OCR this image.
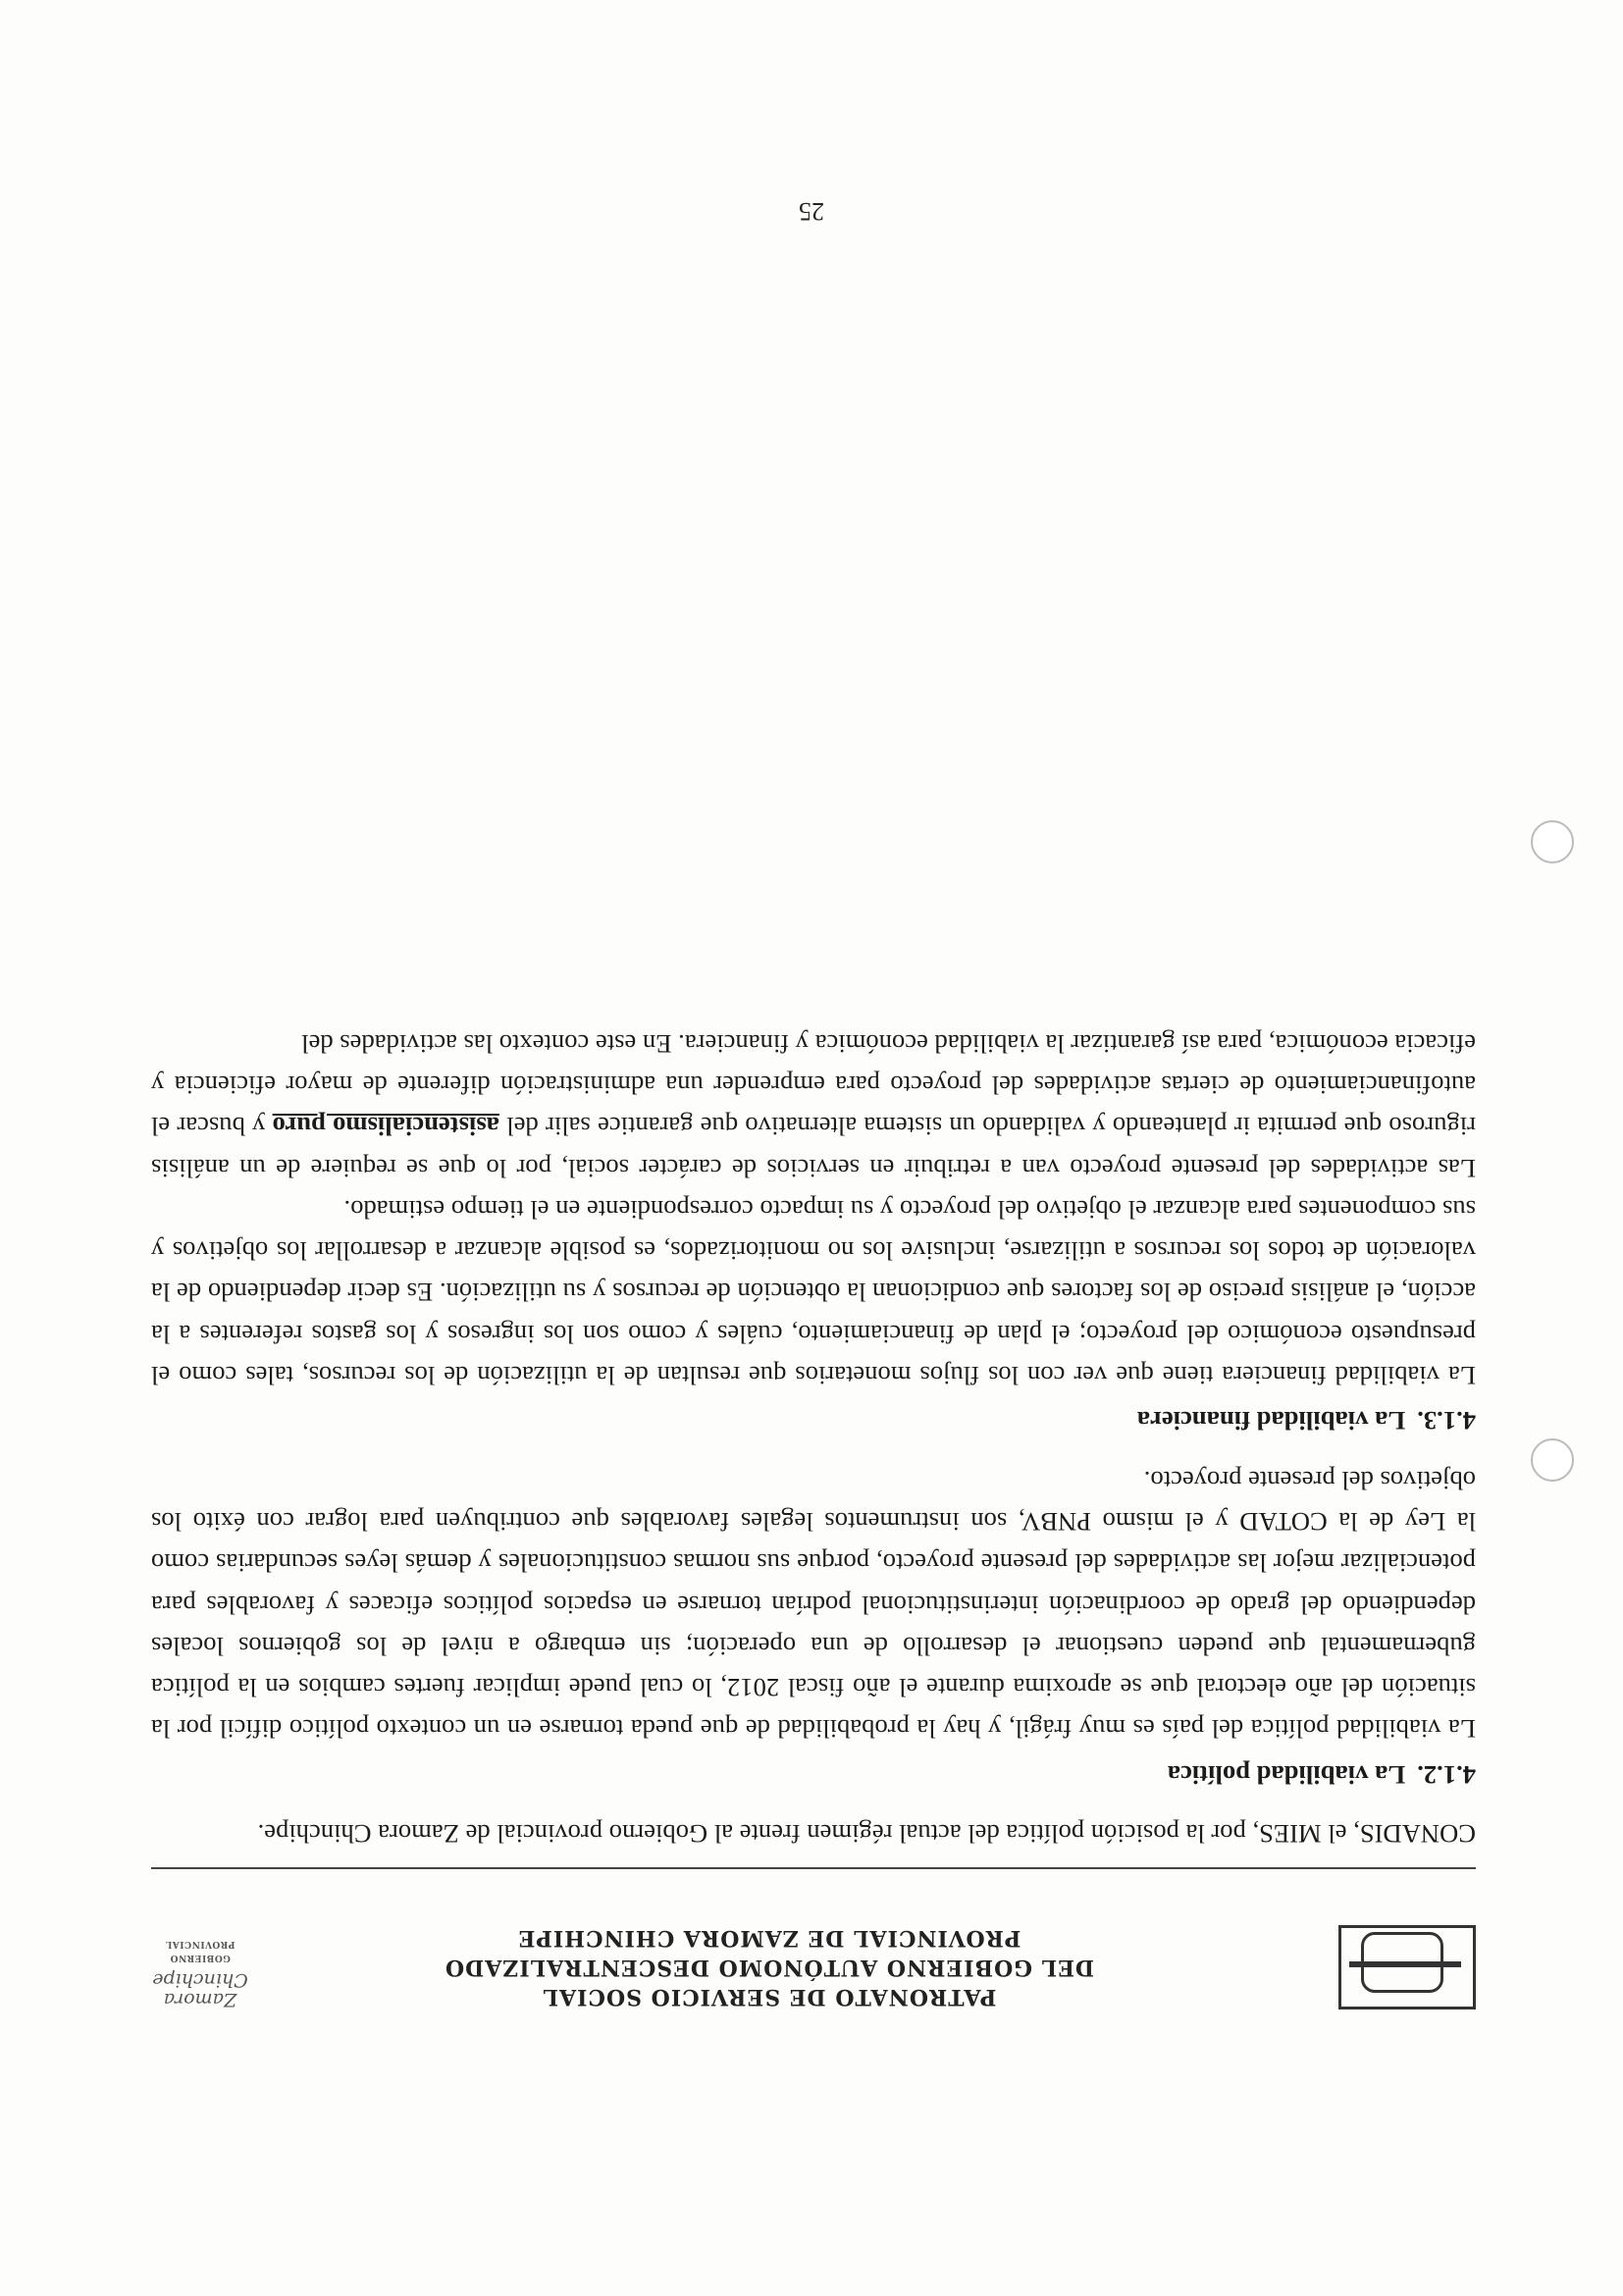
PATRONATO DE SERVICIO SOCIAL
DEL GOBIERNO AUTÓNOMO DESCENTRALIZADO
PROVINCIAL DE ZAMORA CHINCHIPE
Zamora
Chinchipe
GOBIERNO PROVINCIAL

CONADIS, el MIES, por la posición política del actual régimen frente al Gobierno provincial de Zamora Chinchipe.

4.1.2.La viabilidad política

La viabilidad política del país es muy frágil, y hay la probabilidad de que pueda tornarse en un contexto político difícil por la situación del año electoral que se aproxima durante el año fiscal 2012, lo cual puede implicar fuertes cambios en la política gubernamental que pueden cuestionar el desarrollo de una operación; sin embargo a nivel de los gobiernos locales dependiendo del grado de coordinación interinstitucional podrían tornarse en espacios políticos eficaces y favorables para potencializar mejor las actividades del presente proyecto, porque sus normas constitucionales y demás leyes secundarias como la Ley de la COTAD y el mismo PNBV, son instrumentos legales favorables que contribuyen para lograr con éxito los objetivos del presente proyecto.

4.1.3.La viabilidad financiera

La viabilidad financiera tiene que ver con los flujos monetarios que resultan de la utilización de los recursos, tales como el presupuesto económico del proyecto; el plan de financiamiento, cuáles y como son los ingresos y los gastos referentes a la acción, el análisis preciso de los factores que condicionan la obtención de recursos y su utilización. Es decir dependiendo de la valoración de todos los recursos a utilizarse, inclusive los no monitorizados, es posible alcanzar a desarrollar los objetivos y sus componentes para alcanzar el objetivo del proyecto y su impacto correspondiente en el tiempo estimado.

Las actividades del presente proyecto van a retribuir en servicios de carácter social, por lo que se requiere de un análisis riguroso que permita ir planteando y validando un sistema alternativo que garantice salir del asistencialismo puro y buscar el autofinanciamiento de ciertas actividades del proyecto para emprender una administración diferente de mayor eficiencia y eficacia económica, para así garantizar la viabilidad económica y financiera. En este contexto las actividades del

25
